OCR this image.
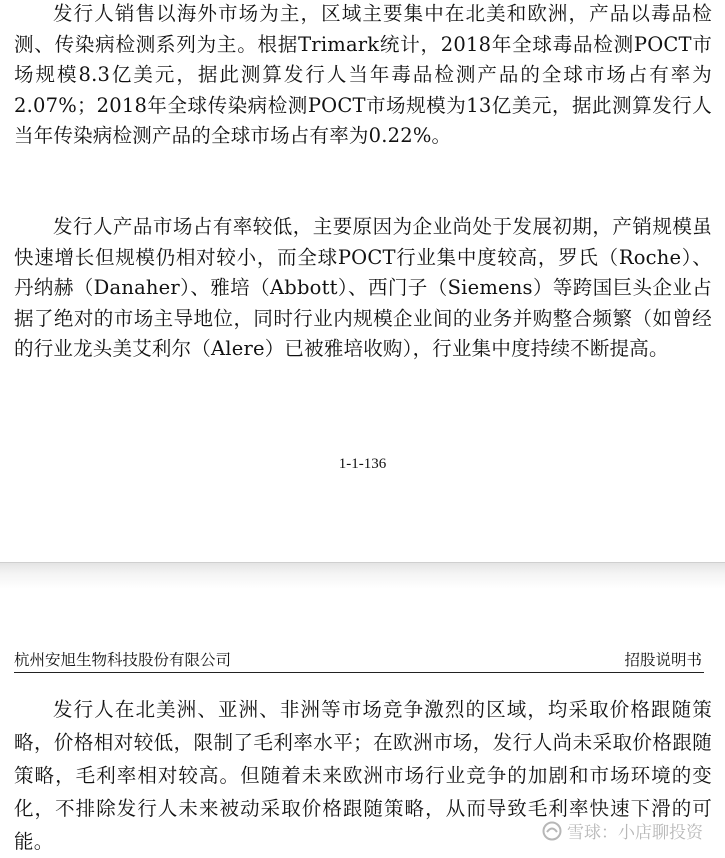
发行人销售以海外市场为主，区域主要集中在北美和欧洲，产品以毒品检测、传染病检测系列为主。根据Trimark统计，2018年全球毒品检测POCT市场规模8.3亿美元，据此测算发行人当年毒品检测产品的全球市场占有率为2.07%；2018年全球传染病检测POCT市场规模为13亿美元，据此测算发行人当年传染病检测产品的全球市场占有率为0.22%。

发行人产品市场占有率较低，主要原因为企业尚处于发展初期，产销规模虽快速增长但规模仍相对较小，而全球POCT行业集中度较高，罗氏（Roche）、丹纳赫（Danaher）、雅培（Abbott）、西门子（Siemens）等跨国巨头企业占据了绝对的市场主导地位，同时行业内规模企业间的业务并购整合频繁（如曾经的行业龙头美艾利尔（Alere）已被雅培收购），行业集中度持续不断提高。

1-1-136
杭州安旭生物科技股份有限公司	招股说明书

发行人在北美洲、亚洲、非洲等市场竞争激烈的区域，均采取价格跟随策略，价格相对较低，限制了毛利率水平；在欧洲市场，发行人尚未采取价格跟随策略，毛利率相对较高。但随着未来欧洲市场行业竞争的加剧和市场环境的变化，不排除发行人未来被动采取价格跟随策略，从而导致毛利率快速下滑的可能。	雪球：小店聊投资
